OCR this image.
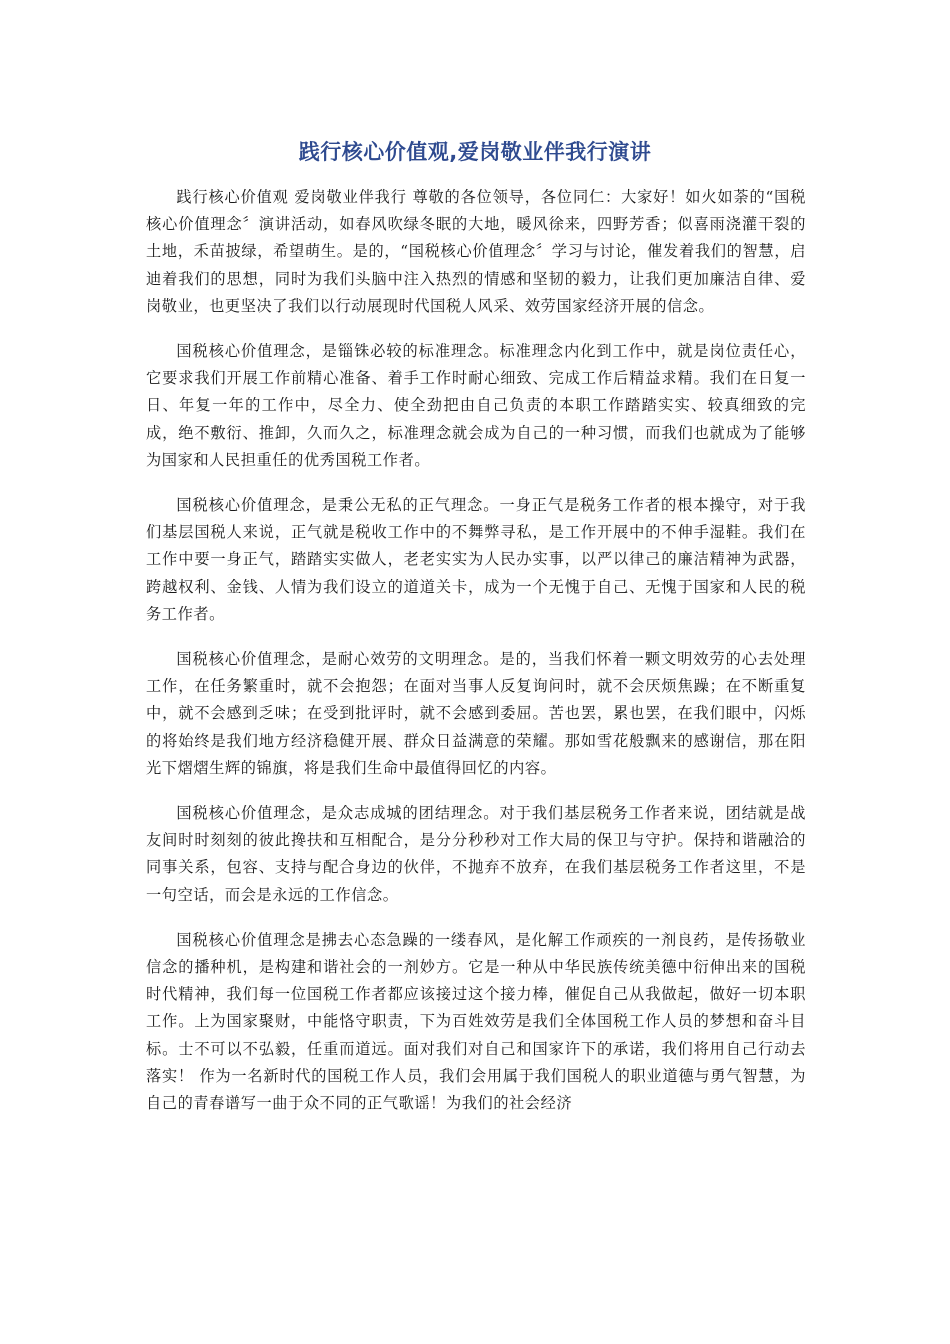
践行核心价值观,爱岗敬业伴我行演讲

践行核心价值观 爱岗敬业伴我行 尊敬的各位领导，各位同仁：大家好！如火如荼的“国税核心价值理念〞演讲活动，如春风吹绿冬眠的大地，暖风徐来，四野芳香；似喜雨浇灌干裂的土地，禾苗披绿，希望萌生。是的，“国税核心价值理念〞学习与讨论，催发着我们的智慧，启迪着我们的思想，同时为我们头脑中注入热烈的情感和坚韧的毅力，让我们更加廉洁自律、爱岗敬业，也更坚决了我们以行动展现时代国税人风采、效劳国家经济开展的信念。

国税核心价值理念，是锱铢必较的标准理念。标准理念内化到工作中，就是岗位责任心，它要求我们开展工作前精心准备、着手工作时耐心细致、完成工作后精益求精。我们在日复一日、年复一年的工作中，尽全力、使全劲把由自己负责的本职工作踏踏实实、较真细致的完成，绝不敷衍、推卸，久而久之，标准理念就会成为自己的一种习惯，而我们也就成为了能够为国家和人民担重任的优秀国税工作者。

国税核心价值理念，是秉公无私的正气理念。一身正气是税务工作者的根本操守，对于我们基层国税人来说，正气就是税收工作中的不舞弊寻私，是工作开展中的不伸手湿鞋。我们在工作中要一身正气，踏踏实实做人，老老实实为人民办实事，以严以律己的廉洁精神为武器，跨越权利、金钱、人情为我们设立的道道关卡，成为一个无愧于自己、无愧于国家和人民的税务工作者。

国税核心价值理念，是耐心效劳的文明理念。是的，当我们怀着一颗文明效劳的心去处理工作，在任务繁重时，就不会抱怨；在面对当事人反复询问时，就不会厌烦焦躁；在不断重复中，就不会感到乏味；在受到批评时，就不会感到委屈。苦也罢，累也罢，在我们眼中，闪烁的将始终是我们地方经济稳健开展、群众日益满意的荣耀。那如雪花般飘来的感谢信，那在阳光下熠熠生辉的锦旗，将是我们生命中最值得回忆的内容。

国税核心价值理念，是众志成城的团结理念。对于我们基层税务工作者来说，团结就是战友间时时刻刻的彼此搀扶和互相配合，是分分秒秒对工作大局的保卫与守护。保持和谐融洽的同事关系，包容、支持与配合身边的伙伴，不抛弃不放弃，在我们基层税务工作者这里，不是一句空话，而会是永远的工作信念。

国税核心价值理念是拂去心态急躁的一缕春风，是化解工作顽疾的一剂良药，是传扬敬业信念的播种机，是构建和谐社会的一剂妙方。它是一种从中华民族传统美德中衍伸出来的国税时代精神，我们每一位国税工作者都应该接过这个接力棒，催促自己从我做起，做好一切本职工作。上为国家聚财，中能恪守职责，下为百姓效劳是我们全体国税工作人员的梦想和奋斗目标。士不可以不弘毅，任重而道远。面对我们对自己和国家许下的承诺，我们将用自己行动去落实！ 作为一名新时代的国税工作人员，我们会用属于我们国税人的职业道德与勇气智慧，为自己的青春谱写一曲于众不同的正气歌谣！为我们的社会经济
